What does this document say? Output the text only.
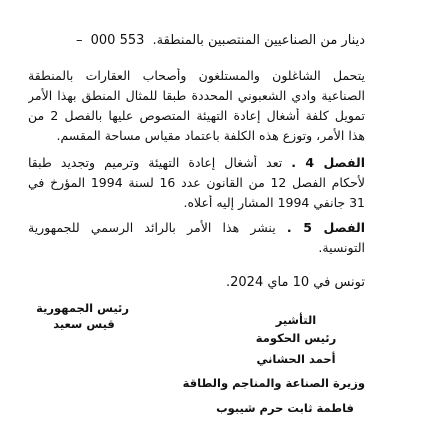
دينار من الصناعيين المنتصبين بالمنطقة. 553 000 –
يتحمل الشاغلون والمستلغون وأصحاب العقارات بالمنطقة
الصناعية وادي الشعبوني المحددة طبقا للمثال المنطق بهذا الأمر
تمويل كلفة أشغال إعادة التهيئة المتصوص عليها بالفصل 2 من
هذا الأمر، وتوزع هذه الكلفة باعتماد مقياس مساحة المقسم.
الفصل 4 . تعد أشغال إعادة التهيئة وترميم وتجديد طبقا
لأحكام الفصل 12 من القانون عدد 16 لسنة 1994 المؤرخ في
31 جانفي 1994 المشار إليه أعلاه.
الفصل 5 . ينشر هذا الأمر بالرائد الرسمي للجمهورية
التونسية.
تونس في 10 ماي 2024.
رئيس الجمهورية
قيس سعيد	التأشير
رئيس الحكومة
أحمد الحشاني
وزيرة الصناعة والمناجم والطاقة
فاطمة ثابت حرم شيبوب
